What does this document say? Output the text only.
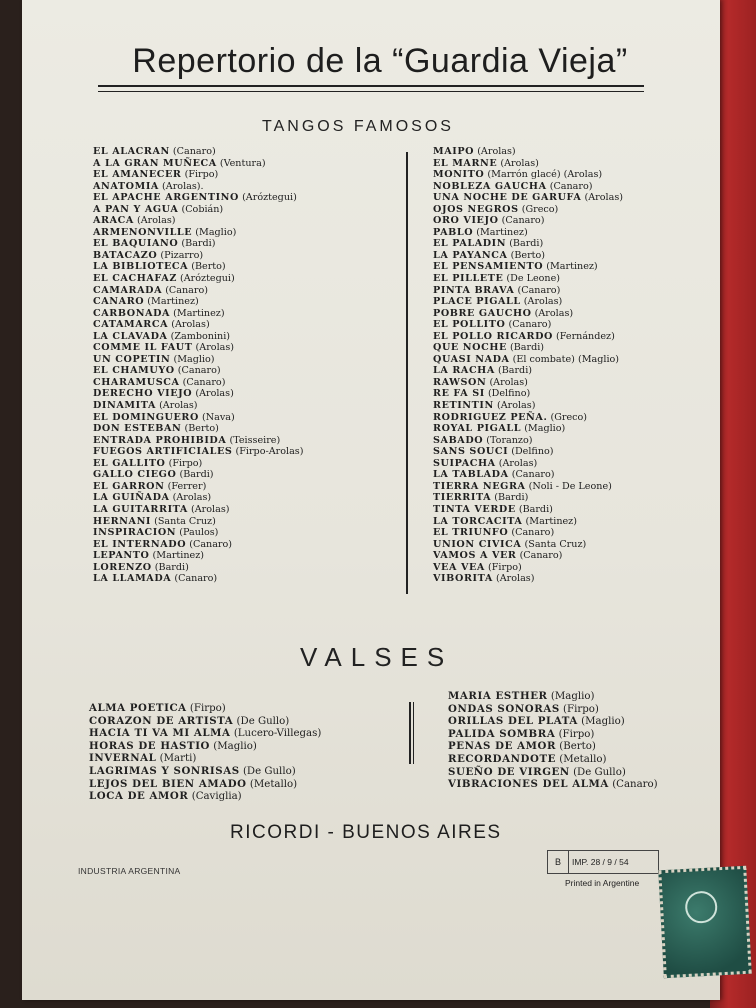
Repertorio de la “Guardia Vieja”
TANGOS FAMOSOS
EL ALACRAN (Canaro)
A LA GRAN MUÑECA (Ventura)
EL AMANECER (Firpo)
ANATOMIA (Arolas).
EL APACHE ARGENTINO (Aróztegui)
A PAN Y AGUA (Cobián)
ARACA (Arolas)
ARMENONVILLE (Maglio)
EL BAQUIANO (Bardi)
BATACAZO (Pizarro)
LA BIBLIOTECA (Berto)
EL CACHAFAZ (Aróztegui)
CAMARADA (Canaro)
CANARO (Martinez)
CARBONADA (Martinez)
CATAMARCA (Arolas)
LA CLAVADA (Zambonini)
COMME IL FAUT (Arolas)
UN COPETIN (Maglio)
EL CHAMUYO (Canaro)
CHARAMUSCA (Canaro)
DERECHO VIEJO (Arolas)
DINAMITA (Arolas)
EL DOMINGUERO (Nava)
DON ESTEBAN (Berto)
ENTRADA PROHIBIDA (Teisseire)
FUEGOS ARTIFICIALES (Firpo-Arolas)
EL GALLITO (Firpo)
GALLO CIEGO (Bardi)
EL GARRON (Ferrer)
LA GUIÑADA (Arolas)
LA GUITARRITA (Arolas)
HERNANI (Santa Cruz)
INSPIRACION (Paulos)
EL INTERNADO (Canaro)
LEPANTO (Martinez)
LORENZO (Bardi)
LA LLAMADA (Canaro)
MAIPO (Arolas)
EL MARNE (Arolas)
MONITO (Marrón glacé) (Arolas)
NOBLEZA GAUCHA (Canaro)
UNA NOCHE DE GARUFA (Arolas)
OJOS NEGROS (Greco)
ORO VIEJO (Canaro)
PABLO (Martinez)
EL PALADIN (Bardi)
LA PAYANCA (Berto)
EL PENSAMIENTO (Martinez)
EL PILLETE (De Leone)
PINTA BRAVA (Canaro)
PLACE PIGALL (Arolas)
POBRE GAUCHO (Arolas)
EL POLLITO (Canaro)
EL POLLO RICARDO (Fernández)
QUE NOCHE (Bardi)
QUASI NADA (El combate) (Maglio)
LA RACHA (Bardi)
RAWSON (Arolas)
RE FA SI (Delfino)
RETINTIN (Arolas)
RODRIGUEZ PEÑA. (Greco)
ROYAL PIGALL (Maglio)
SABADO (Toranzo)
SANS SOUCI (Delfino)
SUIPACHA (Arolas)
LA TABLADA (Canaro)
TIERRA NEGRA (Noli - De Leone)
TIERRITA (Bardi)
TINTA VERDE (Bardi)
LA TORCACITA (Martinez)
EL TRIUNFO (Canaro)
UNION CIVICA (Santa Cruz)
VAMOS A VER (Canaro)
VEA VEA (Firpo)
VIBORITA (Arolas)
VALSES
ALMA POETICA (Firpo)
CORAZON DE ARTISTA (De Gullo)
HACIA TI VA MI ALMA (Lucero-Villegas)
HORAS DE HASTIO (Maglio)
INVERNAL (Marti)
LAGRIMAS Y SONRISAS (De Gullo)
LEJOS DEL BIEN AMADO (Metallo)
LOCA DE AMOR (Caviglia)
MARIA ESTHER (Maglio)
ONDAS SONORAS (Firpo)
ORILLAS DEL PLATA (Maglio)
PALIDA SOMBRA (Firpo)
PENAS DE AMOR (Berto)
RECORDANDOTE (Metallo)
SUEÑO DE VIRGEN (De Gullo)
VIBRACIONES DEL ALMA (Canaro)
RICORDI - BUENOS AIRES
INDUSTRIA ARGENTINA
B	IMP. 28 / 9 / 54
Printed in Argentine
